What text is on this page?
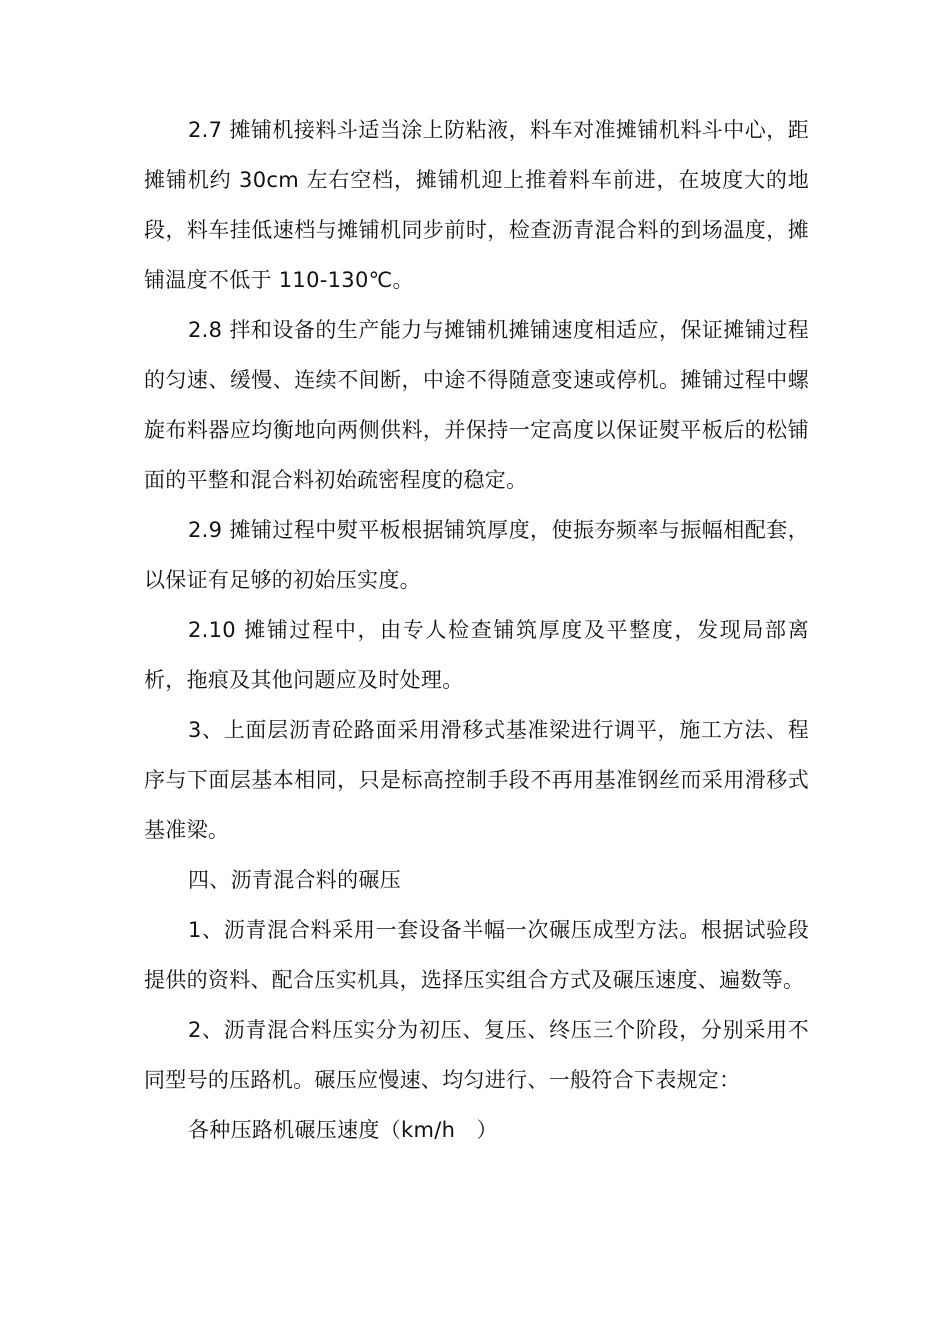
2.7 摊铺机接料斗适当涂上防粘液，料车对准摊铺机料斗中心，距摊铺机约 30cm 左右空档，摊铺机迎上推着料车前进，在坡度大的地段，料车挂低速档与摊铺机同步前时，检查沥青混合料的到场温度，摊铺温度不低于 110-130℃。

2.8 拌和设备的生产能力与摊铺机摊铺速度相适应，保证摊铺过程的匀速、缓慢、连续不间断，中途不得随意变速或停机。摊铺过程中螺旋布料器应均衡地向两侧供料，并保持一定高度以保证熨平板后的松铺面的平整和混合料初始疏密程度的稳定。

2.9 摊铺过程中熨平板根据铺筑厚度，使振夯频率与振幅相配套，以保证有足够的初始压实度。

2.10 摊铺过程中，由专人检查铺筑厚度及平整度，发现局部离析，拖痕及其他问题应及时处理。

3、上面层沥青砼路面采用滑移式基准梁进行调平，施工方法、程序与下面层基本相同，只是标高控制手段不再用基准钢丝而采用滑移式基准梁。

四、沥青混合料的碾压

1、沥青混合料采用一套设备半幅一次碾压成型方法。根据试验段提供的资料、配合压实机具，选择压实组合方式及碾压速度、遍数等。

2、沥青混合料压实分为初压、复压、终压三个阶段，分别采用不同型号的压路机。碾压应慢速、均匀进行、一般符合下表规定：

各种压路机碾压速度（km/h　）
